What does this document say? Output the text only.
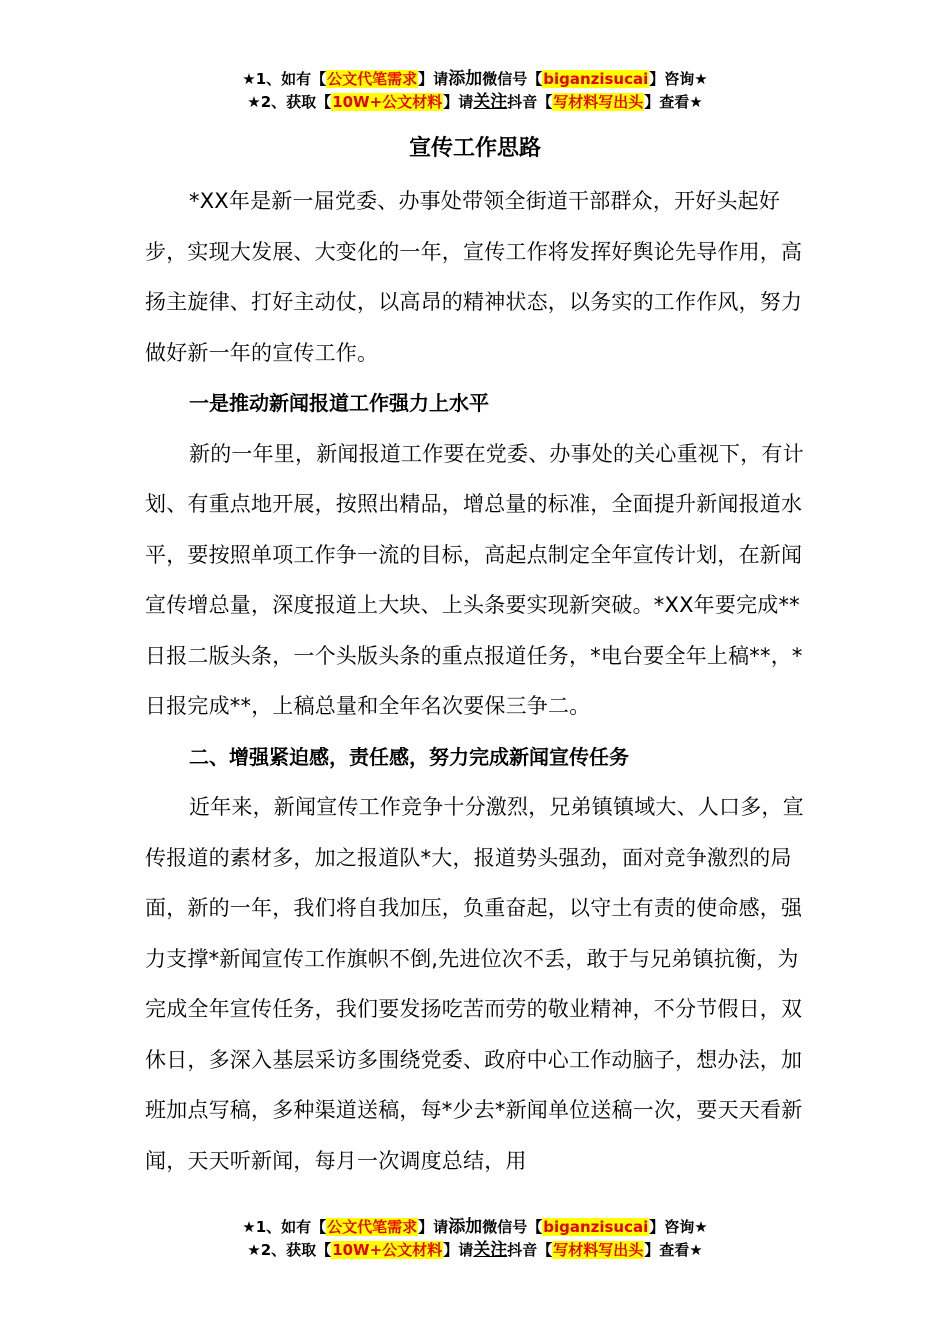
★1、如有【公文代笔需求】请添加微信号【biganzisucai】咨询★
★2、获取【10W+公文材料】请关注抖音【写材料写出头】查看★
宣传工作思路

*XX年是新一届党委、办事处带领全街道干部群众，开好头起好步，实现大发展、大变化的一年，宣传工作将发挥好舆论先导作用，高扬主旋律、打好主动仗，以高昂的精神状态，以务实的工作作风，努力做好新一年的宣传工作。

一是推动新闻报道工作强力上水平

新的一年里，新闻报道工作要在党委、办事处的关心重视下，有计划、有重点地开展，按照出精品，增总量的标准，全面提升新闻报道水平，要按照单项工作争一流的目标，高起点制定全年宣传计划，在新闻宣传增总量，深度报道上大块、上头条要实现新突破。*XX年要完成**日报二版头条，一个头版头条的重点报道任务，*电台要全年上稿**，*日报完成**，上稿总量和全年名次要保三争二。

二、增强紧迫感，责任感，努力完成新闻宣传任务

近年来，新闻宣传工作竞争十分激烈，兄弟镇镇域大、人口多，宣传报道的素材多，加之报道队*大，报道势头强劲，面对竞争激烈的局面，新的一年，我们将自我加压，负重奋起，以守土有责的使命感，强力支撑*新闻宣传工作旗帜不倒,先进位次不丢，敢于与兄弟镇抗衡，为完成全年宣传任务，我们要发扬吃苦而劳的敬业精神，不分节假日，双休日，多深入基层采访多围绕党委、政府中心工作动脑子，想办法，加班加点写稿，多种渠道送稿，每*少去*新闻单位送稿一次，要天天看新闻，天天听新闻，每月一次调度总结，用

★1、如有【公文代笔需求】请添加微信号【biganzisucai】咨询★
★2、获取【10W+公文材料】请关注抖音【写材料写出头】查看★
